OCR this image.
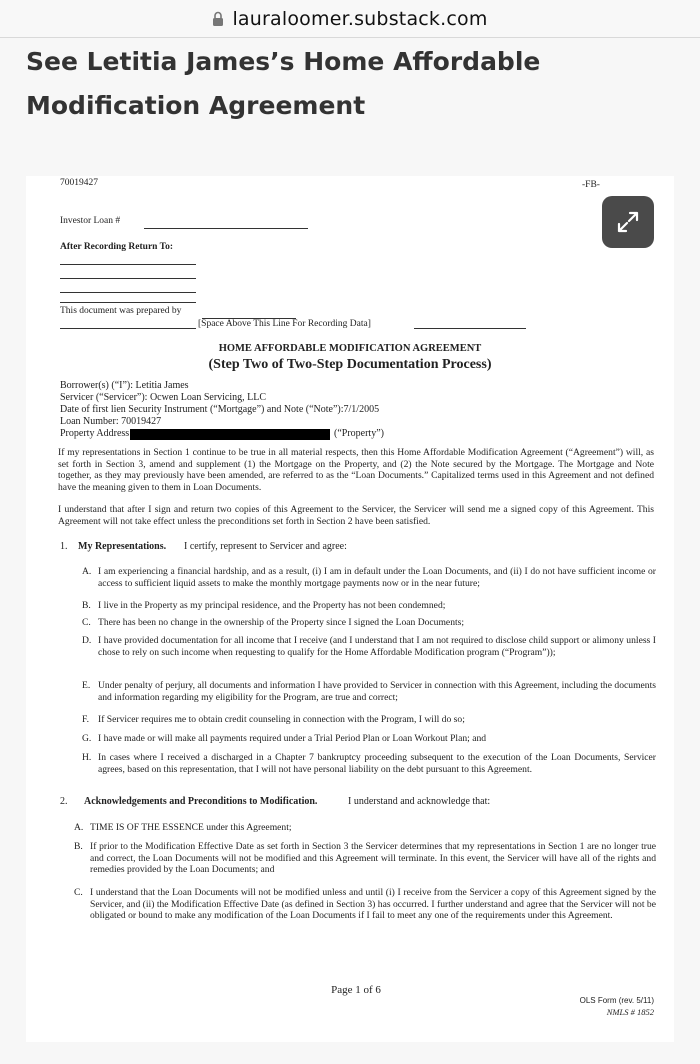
lauraloomer.substack.com
See Letitia James’s Home Affordable Modification Agreement
70019427	-FB-
Investor Loan #
After Recording Return To:
This document was prepared by
[Space Above This Line For Recording Data]
HOME AFFORDABLE MODIFICATION AGREEMENT
(Step Two of Two-Step Documentation Process)
Borrower(s) (“I”): Letitia James
Servicer (“Servicer”): Ocwen Loan Servicing, LLC
Date of first lien Security Instrument (“Mortgage”) and Note (“Note”):7/1/2005
Loan Number: 70019427
Property Address	(“Property”)
If my representations in Section 1 continue to be true in all material respects, then this Home Affordable Modification Agreement (“Agreement”) will, as set forth in Section 3, amend and supplement (1) the Mortgage on the Property, and (2) the Note secured by the Mortgage. The Mortgage and Note together, as they may previously have been amended, are referred to as the “Loan Documents.” Capitalized terms used in this Agreement and not defined have the meaning given to them in Loan Documents.
I understand that after I sign and return two copies of this Agreement to the Servicer, the Servicer will send me a signed copy of this Agreement. This Agreement will not take effect unless the preconditions set forth in Section 2 have been satisfied.
1. My Representations. I certify, represent to Servicer and agree:
A. I am experiencing a financial hardship, and as a result, (i) I am in default under the Loan Documents, and (ii) I do not have sufficient income or access to sufficient liquid assets to make the monthly mortgage payments now or in the near future;
B. I live in the Property as my principal residence, and the Property has not been condemned;
C. There has been no change in the ownership of the Property since I signed the Loan Documents;
D. I have provided documentation for all income that I receive (and I understand that I am not required to disclose child support or alimony unless I chose to rely on such income when requesting to qualify for the Home Affordable Modification program (“Program”));
E. Under penalty of perjury, all documents and information I have provided to Servicer in connection with this Agreement, including the documents and information regarding my eligibility for the Program, are true and correct;
F. If Servicer requires me to obtain credit counseling in connection with the Program, I will do so;
G. I have made or will make all payments required under a Trial Period Plan or Loan Workout Plan; and
H. In cases where I received a discharged in a Chapter 7 bankruptcy proceeding subsequent to the execution of the Loan Documents, Servicer agrees, based on this representation, that I will not have personal liability on the debt pursuant to this Agreement.
2. Acknowledgements and Preconditions to Modification.	I understand and acknowledge that:
A. TIME IS OF THE ESSENCE under this Agreement;
B. If prior to the Modification Effective Date as set forth in Section 3 the Servicer determines that my representations in Section 1 are no longer true and correct, the Loan Documents will not be modified and this Agreement will terminate. In this event, the Servicer will have all of the rights and remedies provided by the Loan Documents; and
C. I understand that the Loan Documents will not be modified unless and until (i) I receive from the Servicer a copy of this Agreement signed by the Servicer, and (ii) the Modification Effective Date (as defined in Section 3) has occurred. I further understand and agree that the Servicer will not be obligated or bound to make any modification of the Loan Documents if I fail to meet any one of the requirements under this Agreement.
Page 1 of 6
OLS Form (rev. 5/11)
NMLS # 1852
